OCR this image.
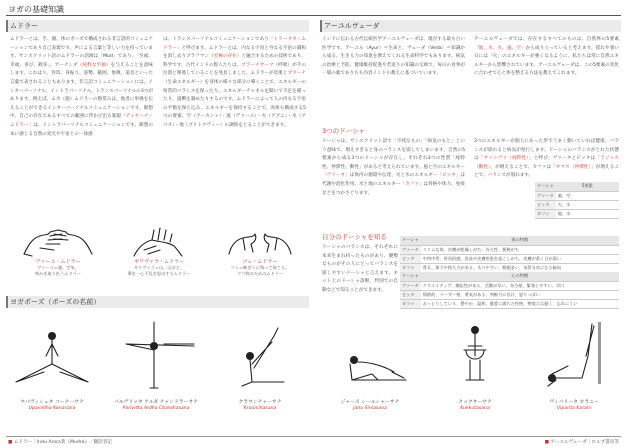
ヨガの基礎知識
ムドラー
ムドラーとは、手、顔、体のポーズで構成される非言語的コミュニケーションであり自己表現です。声による言葉と等しい力を持っています。サンスクリット語のムドラーの語源は「Mud」であり、「至福、幸福、喜び、歓喜」、アーナンダ（純粋な至福）を与えることを意味します。これはり、封印、身振り、姿勢、範囲、象徴、道具といった言葉で表されることもあります。非言語コミュニケーションには、インターパーソナル、イントラパーソナル、トランスパーソナルの3つがあります。例えば、ムカ（顔）ムドラーの数常みは、他者に単場を伝えることができるインターパーソナルコミュニケーションです。瞑想中、自己の存在であるすべての範囲に浮かび出る楽現「ディヤーナ・ムドラー」は、イントラパーソナルコミュニケーションです。瞑想の本に感じる自然の実光や宇宙との一体感
は、トランスパーソナルコミュニケーションであり「トラータカ・ムドラー」と呼びます。ムドラーとは、内なる宇宙と外なる宇宙の調和を消し去りプラフマン（究極の存在）と融合するための技術であり、科学です。古代インドの賢人たちは、プラーナヤーマ（呼吸）が手の位置と関係していることを発見しました。ムドラーが皮肌とプラーナ（生命エネルギー）を身体の様々な部分に導くことで、エネルギーの恒常的バランスを保ったり、エネルギーチャネルを開いて不足を補ったり、過剰を調めたりするのです。ムドラーによって人の内なる宇宙の平衡を保ち込み、エネルギーを保持することで、肉体も構成する5つの要素、空（アーカシャ）・風（ヴァーユ）・火（アグニ）・水（アパス）・地（プリトウヴィー）の調和をとることができます。
ヴァーユ・ムドラー
ヴァーユ＝風、空気。
病みを取り払うムドラー
ギリヴァラ・ムドラー
ギリヴァラ＝山、山の主。
筆を一心不乱を思出するムドラー
ツェ・ムドラー
ツェ＝断ぎりに残って保てる。
ウツ病のためのムドラー
ヨガポーズ（ポーズの名前）
ウパヴィシュタ コーナーサナ
Upavistha Konasana
パルヴリッタ アルダ チャンドラーサナ
Parivrtta Ardha Chandrasana
クラウンチャーサナ
Krounchasana
アーユルヴェーダ
インドに伝わる古代伝統医学アーユルヴェーダは、現存する最も古い医学です。アーユル（Ayur）＝生命と、ヴェーダ（Veda）＝知識から成る、生きる力の知恵を教えてくれる生命科学でもあります。病気の治療と予防、健康維持促進や若返りの知識の宝庫で、毎日の食事が一層の薬であり方も内容インドの教えに基づいています。
アーユルヴェーダでは、存在するすべてのものは、自然界の5要素「地、水、火、風、空」から成り立っていると考えます。揺れや暑い日には「火」のエネルギーが強くなるように、私たちは常に自然エネルギーから影響されています。アーユルヴェーダは、この5要素の変化に合わせて心と体を整える方法を教えてくれます。
3つのドーシャ
ドーシャは、サンスクリット語で「不純なもの」「病気のもと」という意味で、増えすぎると身のバランスを崩してしまいます。自然の5要素から成る3つのドーシャが存在し、それぞれ3つの性質「純粋性、停滞性、動性」があると考えられています。風と空のエネルギー「ヴァータ」は体内の循環や伝達、火と水のエネルギー「ピッタ」は代謝や消化作用、水と地のエネルギー「カファ」は骨格や体力、免疫などをつかさどります。
3つのエネルギーが個人にあった形でうまく動いていれば健康、バランスが崩れると病気が発行します。ドーシャのバランスがとれた状態は「サットヴァ（純粋性）」と呼び、ヴァータとピッタは「ラジャス（動性）」が増えることで、カファは「タマス（停滞性）」が増えることで、バランスが崩れます。
ドーシャ	5要素
ヴァータ	風、空
ピッタ	火、水
カファ	地、水
自分のドーシャを知る
ドーシャのバランスは、それぞれに本来生まれ持ったものがあり、優勢なものがその人にとってバランスを崩しやすいドーシャと言えます。ネット上のドーシャ診断、判別での自動などで知ることができます。
ドーシャ	体の特徴
ヴァータ	スリムな体、皮膚が乾燥しがち、冷え性、便秘がち
ピッタ	中肉中背、胃負担感、汎血や皮膚疾患を起こしがち、皮膚が柔く日が弱い
カファ	骨太、体力や持久力がある、太りやすい、髪顔まい、気管支炎になる傾向
ドーシャ	心の特徴
ヴァータ	クリエイティブ、順応性がある、活動が早い、気分屋、緊張しやすい、早口
ピッタ	情熱的、リーダー格、勇気がある、判断力に長け、怒りっぽい
カファ	おっとりしている、穏やか、温和、慈愛に満ちた性格、物覚えは遅く、忘れにくい
ジャーヌ シールシャーサナ
Janu Sirsasana
クックターサナ
Kukkutasana
ヴィパリータ カラニー
Viparita Karani
■ ムドラー｜Indu Arora著《Mudra》／翻訳者記	■ アーユルヴェーダ｜ロルブ書房等
